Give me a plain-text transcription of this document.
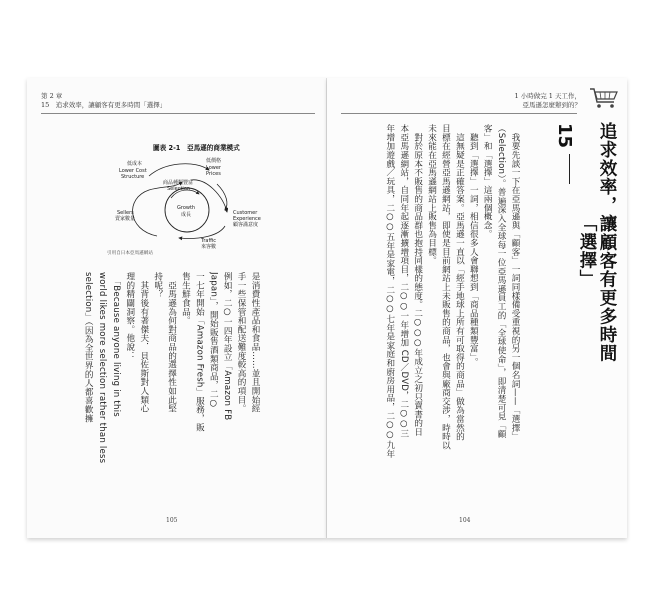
第 2 章
15　追求效率，讓顧客有更多時間「選擇」
圖表 2-1　亞馬遜的商業模式
低成本
Lower Cost
Structure
低價格
Lower
Prices
商品種類豐富
Selection
Growth
成長	Customer
Experience
顧客滿意度
Sellers
賣家數量
Traffic
來客數
引用自日本亞馬遜網站
是消費性產品和食品……並且開始經
手一些保管和配送難度較高的項目。
例如，二○一四年設立「Amazon FB
Japan」，開始販售酒類商品，二○
一七年開始「Amazon Fresh」服務，販
售生鮮食品。
　亞馬遜為何對商品的選擇性如此堅
持呢？
　其背後有著傑夫．貝佐斯對人類心
理的精闢洞察。他說：
　「Because anyone living in this
world likes more selection rather than less
selection」（因為全世界的人都喜歡擁
105
1 小時做完 1 天工作，
亞馬遜怎麼辦到的？
15 追求效率，讓顧客有更多時間
「選擇」
　我要先談一下在亞馬遜與「顧客」一詞同樣備受重視的另一個名詞——「選擇」
（Selection）。普遍深入全球每一位亞馬遜員工的「全球使命」，即清楚可見「顧
客」和「選擇」這兩個概念。
　聽到「選擇」一詞，相信很多人會聯想到「商品種類豐富」。
　這無疑是正確答案。亞馬遜一直以「經手地球上所有可取得的商品」做為當然的
目標在經營亞馬遜網站，即使是目前網站上未販售的商品，也會與廠商交涉，時時以
未來能在亞馬遜網站上販售為目標。
　對於原本不販售的商品群也抱持同樣的態度。二○○○年成立之初只賣書的日
本亞馬遜網站，自同年起逐漸擴增項目，二○○一年增加 CD／DVD，二○○三
年增加遊戲／玩具，二○○五年是家電，二○○七年是家庭和廚房用品，二○○九年
104
